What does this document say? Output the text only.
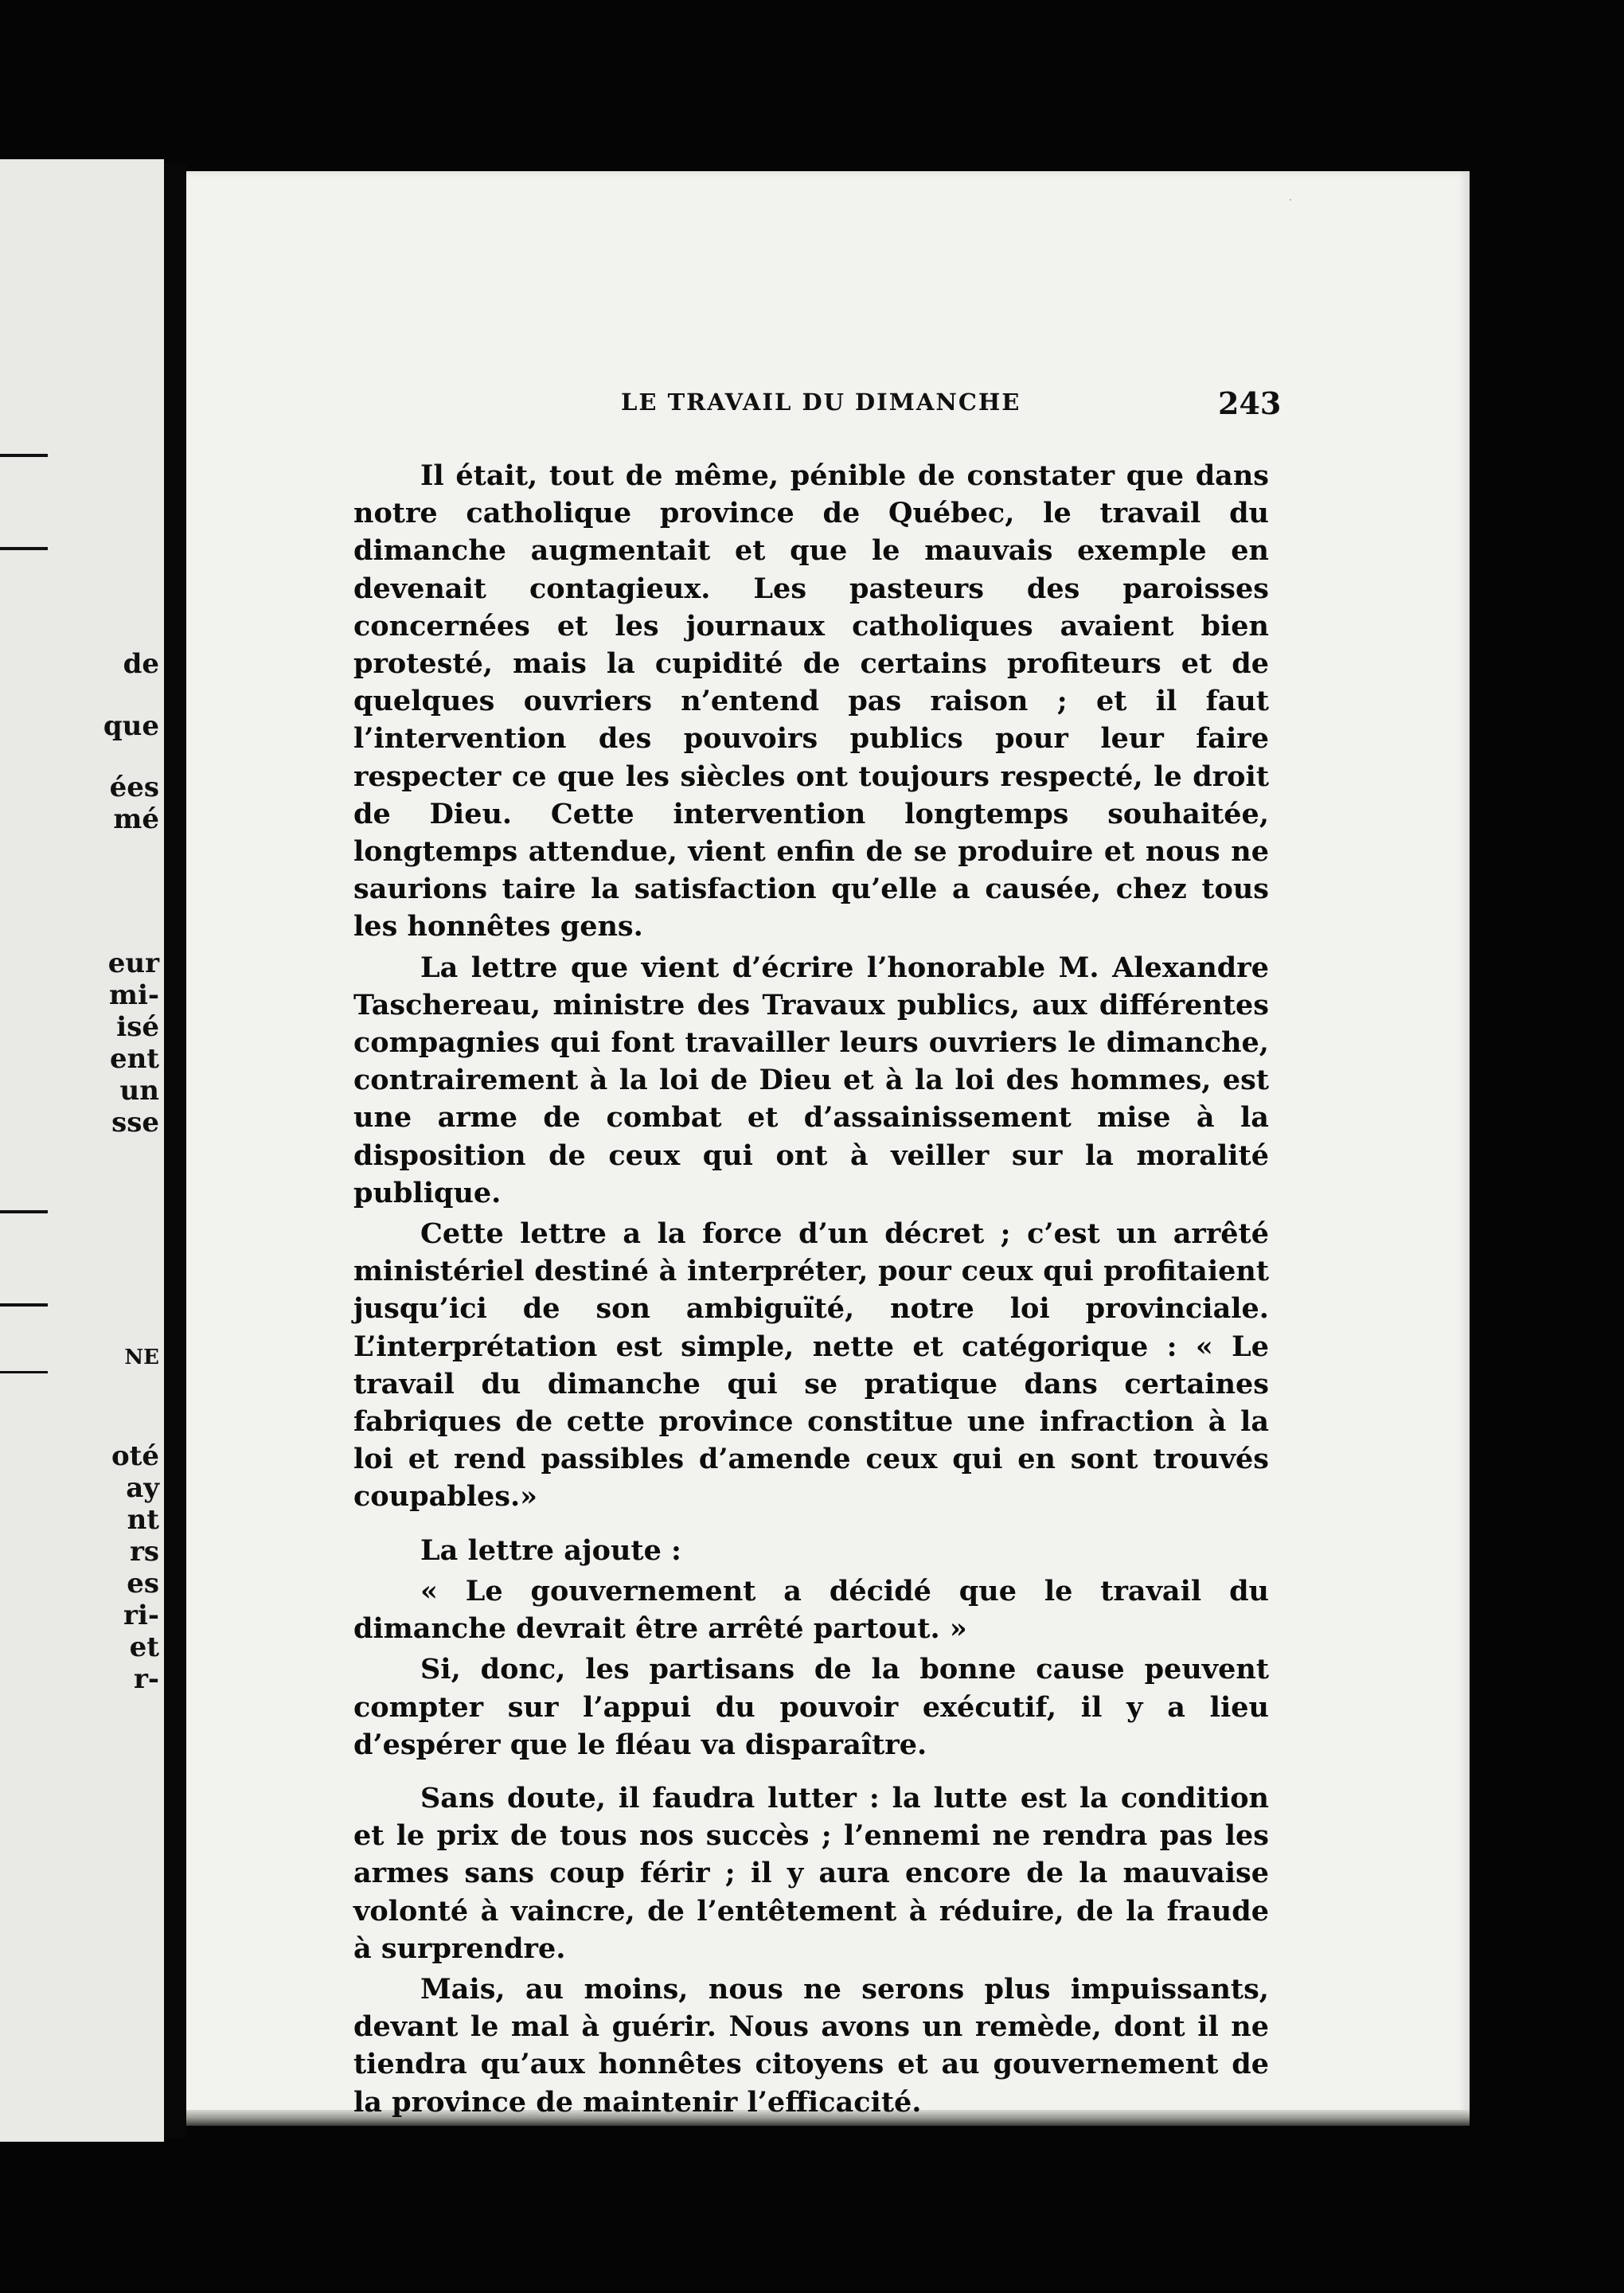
de
que
ées
mé
eur
mi-
isé
ent
un
sse
NE
oté
ay
nt
rs
es
ri-
et
r-
LE TRAVAIL DU DIMANCHE	243

Il était, tout de même, pénible de constater que dans notre catholique province de Québec, le travail du dimanche augmentait et que le mauvais exemple en devenait contagieux. Les pasteurs des paroisses concernées et les journaux catholiques avaient bien protesté, mais la cupidité de certains profiteurs et de quelques ouvriers n’entend pas raison ; et il faut l’intervention des pouvoirs publics pour leur faire respecter ce que les siècles ont toujours respecté, le droit de Dieu. Cette intervention longtemps souhaitée, longtemps attendue, vient enfin de se produire et nous ne saurions taire la satisfaction qu’elle a causée, chez tous les honnêtes gens.

La lettre que vient d’écrire l’honorable M. Alexandre Taschereau, ministre des Travaux publics, aux différentes compagnies qui font travailler leurs ouvriers le dimanche, contrairement à la loi de Dieu et à la loi des hommes, est une arme de combat et d’assainissement mise à la disposition de ceux qui ont à veiller sur la moralité publique.

Cette lettre a la force d’un décret ; c’est un arrêté ministériel destiné à interpréter, pour ceux qui profitaient jusqu’ici de son ambiguïté, notre loi provinciale. L’interprétation est simple, nette et catégorique : « Le travail du dimanche qui se pratique dans certaines fabriques de cette province constitue une infraction à la loi et rend passibles d’amende ceux qui en sont trouvés coupables.»

La lettre ajoute :

« Le gouvernement a décidé que le travail du dimanche devrait être arrêté partout. »

Si, donc, les partisans de la bonne cause peuvent compter sur l’appui du pouvoir exécutif, il y a lieu d’espérer que le fléau va disparaître.

Sans doute, il faudra lutter : la lutte est la condition et le prix de tous nos succès ; l’ennemi ne rendra pas les armes sans coup férir ; il y aura encore de la mauvaise volonté à vaincre, de l’entêtement à réduire, de la fraude à surprendre.

Mais, au moins, nous ne serons plus impuissants, devant le mal à guérir. Nous avons un remède, dont il ne tiendra qu’aux honnêtes citoyens et au gouvernement de la province de maintenir l’efficacité.
